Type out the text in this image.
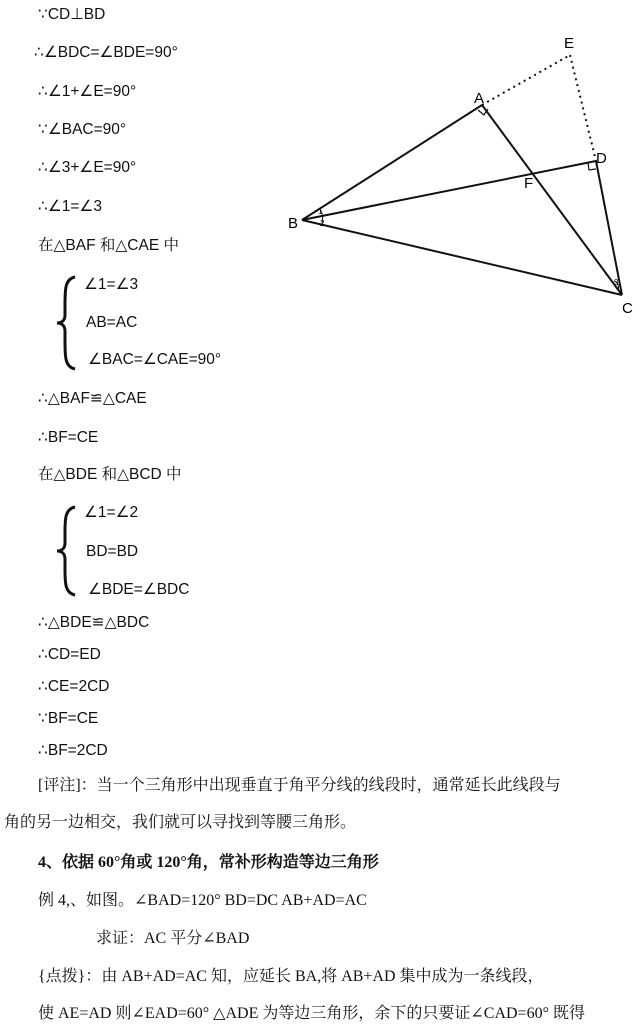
∵CD⊥BD
∴∠BDC=∠BDE=90°
∴∠1+∠E=90°
∵∠BAC=90°
∴∠3+∠E=90°
∴∠1=∠3
在△BAF 和△CAE 中
∠1=∠3
AB=AC
∠BAC=∠CAE=90°
∴△BAF≌△CAE
∴BF=CE
在△BDE 和△BCD 中
∠1=∠2
BD=BD
∠BDE=∠BDC
∴△BDE≌△BDC
∴CD=ED
∴CE=2CD
∵BF=CE
∴BF=2CD
[评注]：当一个三角形中出现垂直于角平分线的线段时，通常延长此线段与
角的另一边相交，我们就可以寻找到等腰三角形。
4、依据 60°角或 120°角，常补形构造等边三角形
例 4,、如图。∠BAD=120° BD=DC AB+AD=AC
求证：AC 平分∠BAD
{点拨}：由 AB+AD=AC 知，应延长 BA,将 AB+AD 集中成为一条线段，
使 AE=AD 则∠EAD=60° △ADE 为等边三角形，余下的只要证∠CAD=60° 既得
A
B
C
D
E
F
1
2
3
